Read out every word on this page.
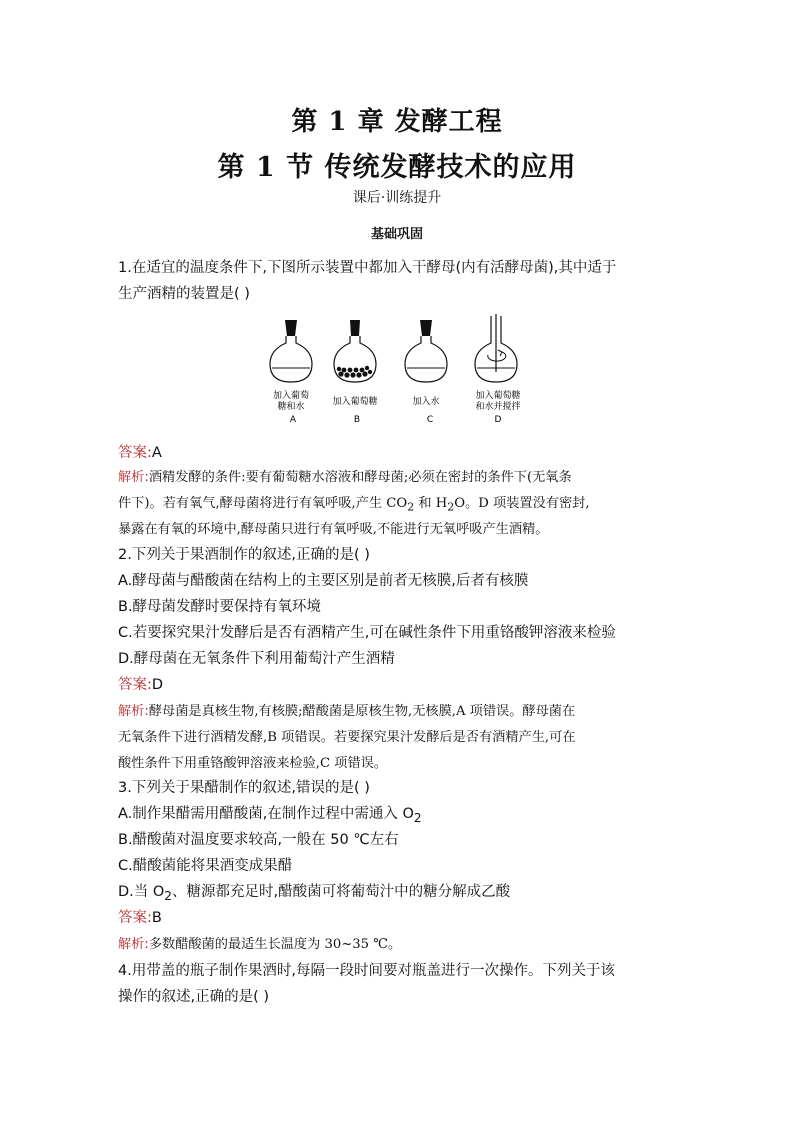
第 1 章 发酵工程
第 1 节 传统发酵技术的应用
课后·训练提升
基础巩固
1.在适宜的温度条件下,下图所示装置中都加入干酵母(内有活酵母菌),其中适于
生产酒精的装置是( )
加入葡萄
糖和水
A
加入葡萄糖
B
加入水
C
加入葡萄糖
和水并搅拌
D
答案:A
解析:酒精发酵的条件:要有葡萄糖水溶液和酵母菌;必须在密封的条件下(无氧条
件下)。若有氧气,酵母菌将进行有氧呼吸,产生 $CO_2$ 和 $H_2O$。D 项装置没有密封,
暴露在有氧的环境中,酵母菌只进行有氧呼吸,不能进行无氧呼吸产生酒精。
2.下列关于果酒制作的叙述,正确的是( )
A.酵母菌与醋酸菌在结构上的主要区别是前者无核膜,后者有核膜
B.酵母菌发酵时要保持有氧环境
C.若要探究果汁发酵后是否有酒精产生,可在碱性条件下用重铬酸钾溶液来检验
D.酵母菌在无氧条件下利用葡萄汁产生酒精
答案:D
解析:酵母菌是真核生物,有核膜;醋酸菌是原核生物,无核膜,A 项错误。酵母菌在
无氧条件下进行酒精发酵,B 项错误。若要探究果汁发酵后是否有酒精产生,可在
酸性条件下用重铬酸钾溶液来检验,C 项错误。
3.下列关于果醋制作的叙述,错误的是( )
A.制作果醋需用醋酸菌,在制作过程中需通入 $O_2$
B.醋酸菌对温度要求较高,一般在 50 ℃左右
C.醋酸菌能将果酒变成果醋
D.当 $O_2$、糖源都充足时,醋酸菌可将葡萄汁中的糖分解成乙酸
答案:B
解析:多数醋酸菌的最适生长温度为 30~35 ℃。
4.用带盖的瓶子制作果酒时,每隔一段时间要对瓶盖进行一次操作。下列关于该
操作的叙述,正确的是( )
